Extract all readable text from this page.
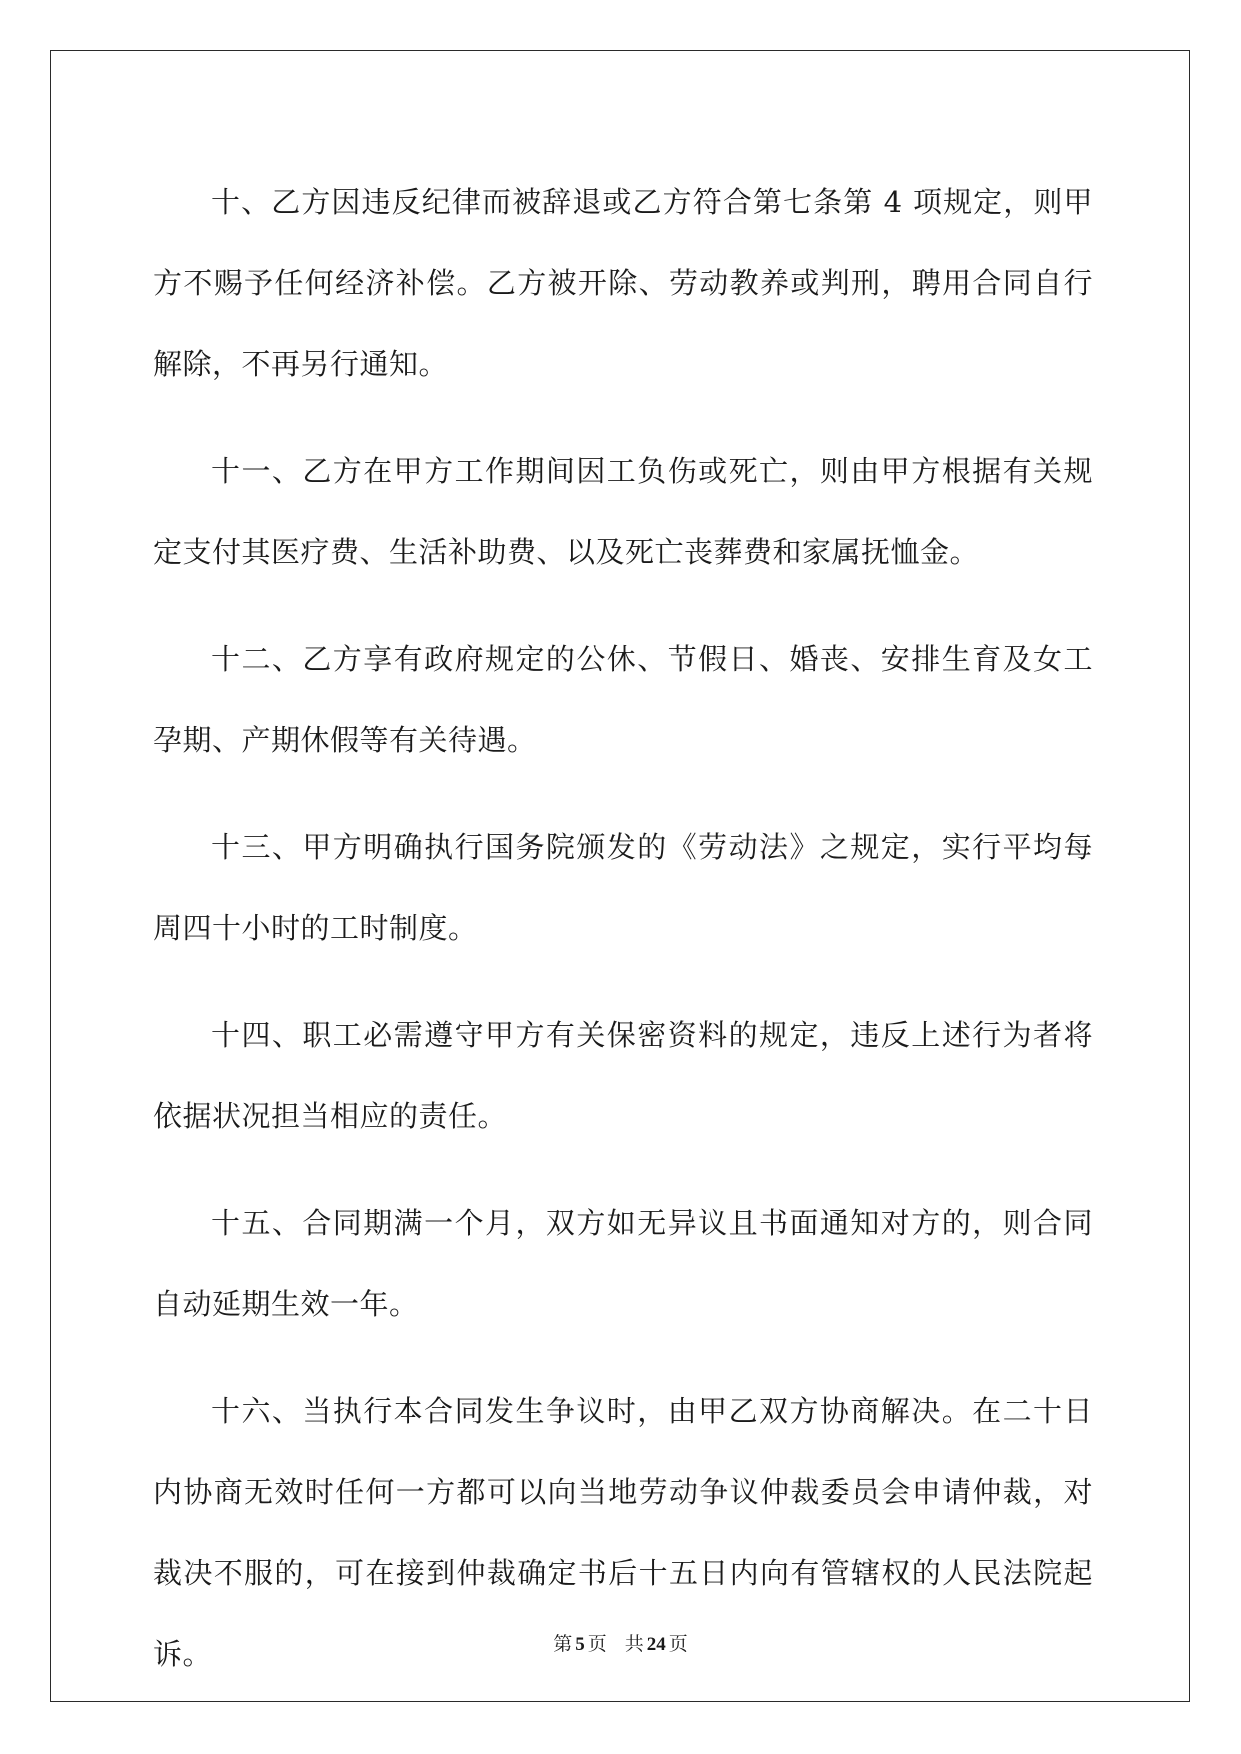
十、乙方因违反纪律而被辞退或乙方符合第七条第 4 项规定，则甲方不赐予任何经济补偿。乙方被开除、劳动教养或判刑，聘用合同自行解除，不再另行通知。

十一、乙方在甲方工作期间因工负伤或死亡，则由甲方根据有关规定支付其医疗费、生活补助费、以及死亡丧葬费和家属抚恤金。

十二、乙方享有政府规定的公休、节假日、婚丧、安排生育及女工孕期、产期休假等有关待遇。

十三、甲方明确执行国务院颁发的《劳动法》之规定，实行平均每周四十小时的工时制度。

十四、职工必需遵守甲方有关保密资料的规定，违反上述行为者将依据状况担当相应的责任。

十五、合同期满一个月，双方如无异议且书面通知对方的，则合同自动延期生效一年。

十六、当执行本合同发生争议时，由甲乙双方协商解决。在二十日内协商无效时任何一方都可以向当地劳动争议仲裁委员会申请仲裁，对裁决不服的，可在接到仲裁确定书后十五日内向有管辖权的人民法院起诉。	第 5 页 共 24 页
